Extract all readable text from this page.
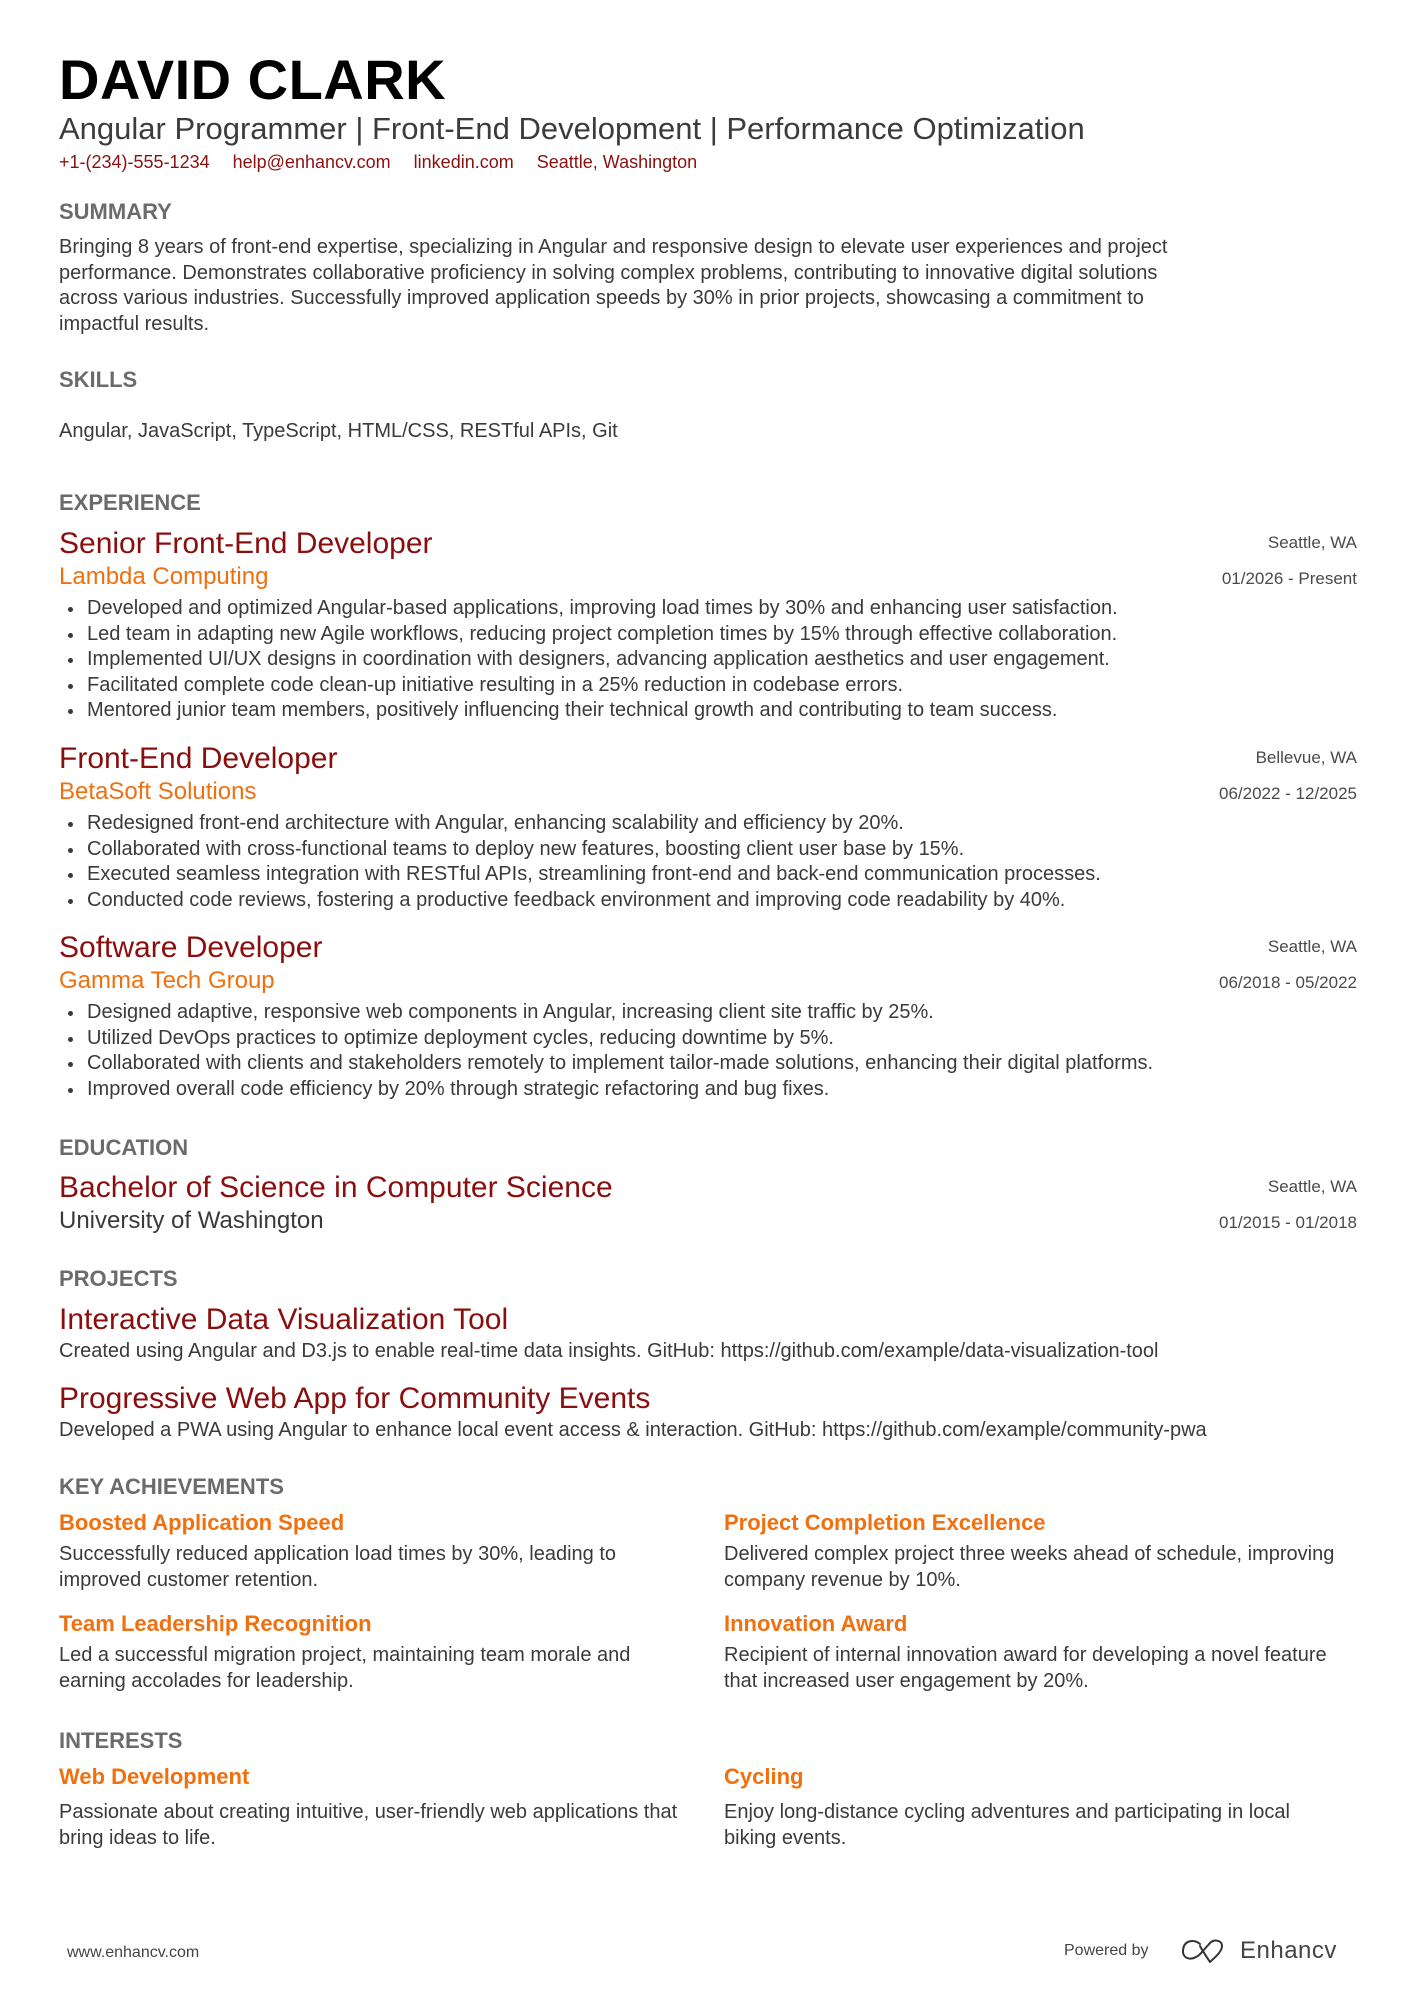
DAVID CLARK
Angular Programmer | Front-End Development | Performance Optimization
+1-(234)-555-1234 help@enhancv.com linkedin.com Seattle, Washington
SUMMARY
Bringing 8 years of front-end expertise, specializing in Angular and responsive design to elevate user experiences and project
performance. Demonstrates collaborative proficiency in solving complex problems, contributing to innovative digital solutions
across various industries. Successfully improved application speeds by 30% in prior projects, showcasing a commitment to
impactful results.
SKILLS
Angular, JavaScript, TypeScript, HTML/CSS, RESTful APIs, Git
EXPERIENCE
Senior Front-End Developer
Lambda Computing
Seattle, WA
01/2026 - Present
Developed and optimized Angular-based applications, improving load times by 30% and enhancing user satisfaction.
Led team in adapting new Agile workflows, reducing project completion times by 15% through effective collaboration.
Implemented UI/UX designs in coordination with designers, advancing application aesthetics and user engagement.
Facilitated complete code clean-up initiative resulting in a 25% reduction in codebase errors.
Mentored junior team members, positively influencing their technical growth and contributing to team success.
Front-End Developer
BetaSoft Solutions
Bellevue, WA
06/2022 - 12/2025
Redesigned front-end architecture with Angular, enhancing scalability and efficiency by 20%.
Collaborated with cross-functional teams to deploy new features, boosting client user base by 15%.
Executed seamless integration with RESTful APIs, streamlining front-end and back-end communication processes.
Conducted code reviews, fostering a productive feedback environment and improving code readability by 40%.
Software Developer
Gamma Tech Group
Seattle, WA
06/2018 - 05/2022
Designed adaptive, responsive web components in Angular, increasing client site traffic by 25%.
Utilized DevOps practices to optimize deployment cycles, reducing downtime by 5%.
Collaborated with clients and stakeholders remotely to implement tailor-made solutions, enhancing their digital platforms.
Improved overall code efficiency by 20% through strategic refactoring and bug fixes.
EDUCATION
Bachelor of Science in Computer Science
University of Washington
Seattle, WA
01/2015 - 01/2018
PROJECTS
Interactive Data Visualization Tool
Created using Angular and D3.js to enable real-time data insights. GitHub: https://github.com/example/data-visualization-tool
Progressive Web App for Community Events
Developed a PWA using Angular to enhance local event access & interaction. GitHub: https://github.com/example/community-pwa
KEY ACHIEVEMENTS
Boosted Application Speed
Successfully reduced application load times by 30%, leading to improved customer retention.
Project Completion Excellence
Delivered complex project three weeks ahead of schedule, improving company revenue by 10%.
Team Leadership Recognition
Led a successful migration project, maintaining team morale and earning accolades for leadership.
Innovation Award
Recipient of internal innovation award for developing a novel feature that increased user engagement by 20%.
INTERESTS
Web Development
Passionate about creating intuitive, user-friendly web applications that bring ideas to life.
Cycling
Enjoy long-distance cycling adventures and participating in local biking events.
www.enhancv.com	Powered by	Enhancv
